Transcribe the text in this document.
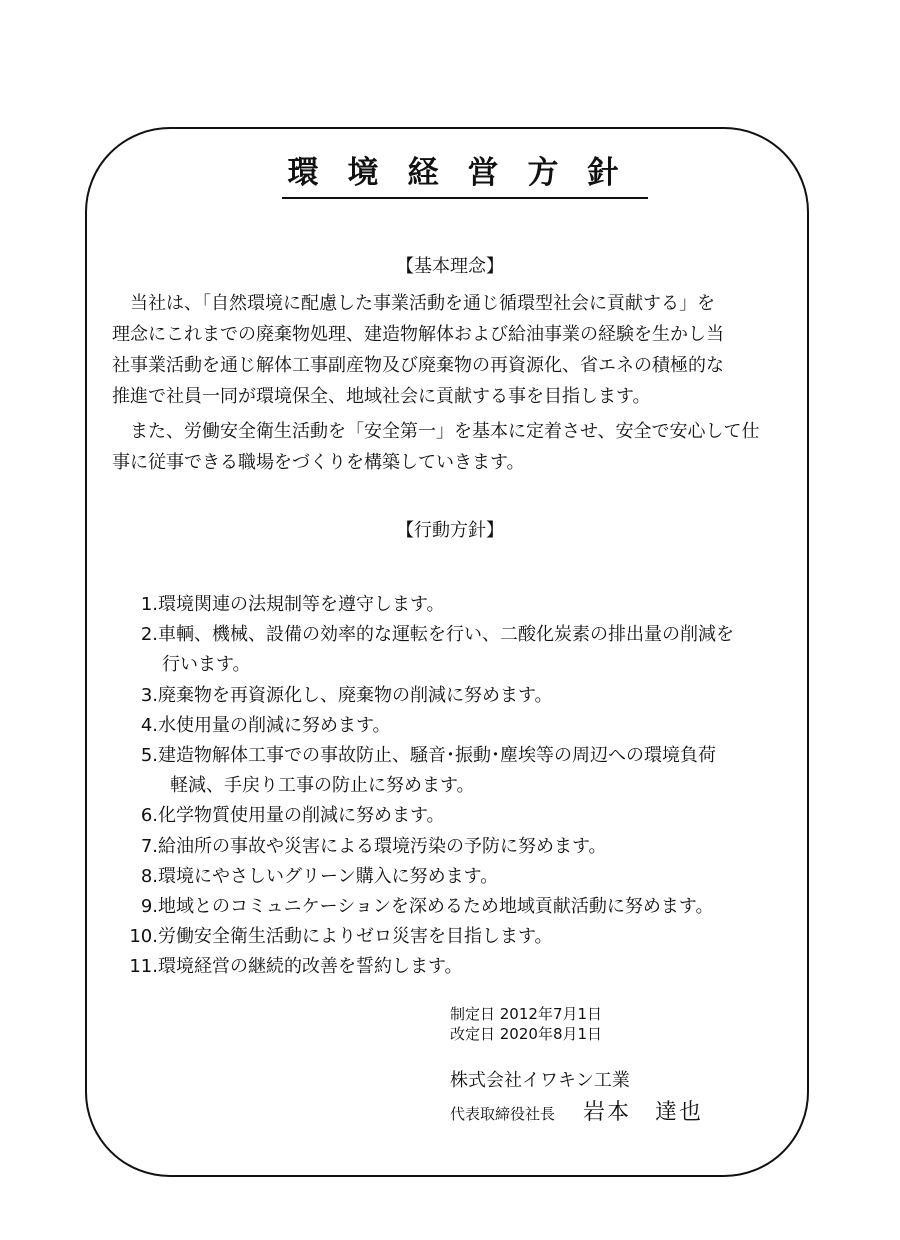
環境経営方針
【基本理念】
　当社は、「自然環境に配慮した事業活動を通じ循環型社会に貢献する」を
理念にこれまでの廃棄物処理、建造物解体および給油事業の経験を生かし当
社事業活動を通じ解体工事副産物及び廃棄物の再資源化、省エネの積極的な
推進で社員一同が環境保全、地域社会に貢献する事を目指します。
　また、労働安全衛生活動を「安全第一」を基本に定着させ、安全で安心して仕
事に従事できる職場をづくりを構築していきます。
【行動方針】
1. 環境関連の法規制等を遵守します。
2. 車輌、機械、設備の効率的な運転を行い、二酸化炭素の排出量の削減を
行います。
3. 廃棄物を再資源化し、廃棄物の削減に努めます。
4. 水使用量の削減に努めます。
5. 建造物解体工事での事故防止、騒音･振動･塵埃等の周辺への環境負荷
軽減、手戻り工事の防止に努めます。
6. 化学物質使用量の削減に努めます。
7. 給油所の事故や災害による環境汚染の予防に努めます。
8. 環境にやさしいグリーン購入に努めます。
9. 地域とのコミュニケーションを深めるため地域貢献活動に努めます。
10. 労働安全衛生活動によりゼロ災害を目指します。
11. 環境経営の継続的改善を誓約します。
制定日 2012年7月1日
改定日 2020年8月1日
株式会社イワキン工業
代表取締役社長 岩本　達也
